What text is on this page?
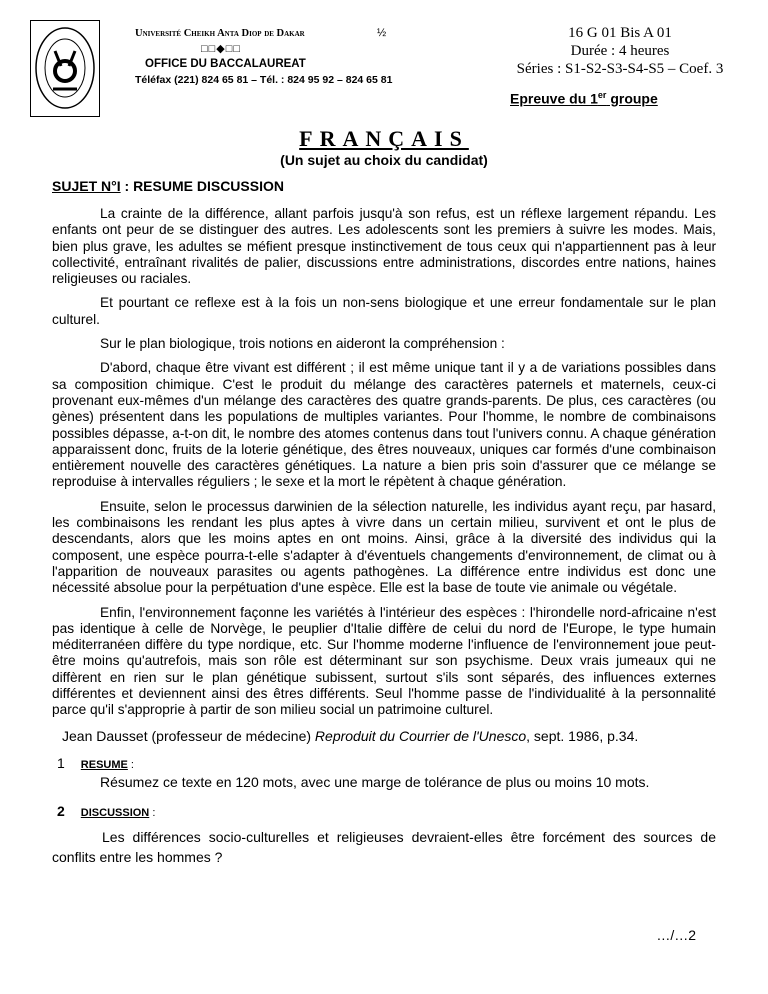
Université Cheikh Anta Diop de Dakar	½
□□◆□□
OFFICE DU BACCALAUREAT
Téléfax (221) 824 65 81 – Tél. : 824 95 92 – 824 65 81
16 G 01 Bis A 01
Durée : 4 heures
Séries : S1-S2-S3-S4-S5 – Coef. 3
Epreuve du 1er groupe
FRANÇAIS
(Un sujet au choix du candidat)
SUJET N°I : RESUME DISCUSSION

La crainte de la différence, allant parfois jusqu'à son refus, est un réflexe largement répandu. Les enfants ont peur de se distinguer des autres. Les adolescents sont les premiers à suivre les modes. Mais, bien plus grave, les adultes se méfient presque instinctivement de tous ceux qui n'appartiennent pas à leur collectivité, entraînant rivalités de palier, discussions entre administrations, discordes entre nations, haines religieuses ou raciales.

Et pourtant ce reflexe est à la fois un non-sens biologique et une erreur fondamentale sur le plan culturel.

Sur le plan biologique, trois notions en aideront la compréhension :

D'abord, chaque être vivant est différent ; il est même unique tant il y a de variations possibles dans sa composition chimique. C'est le produit du mélange des caractères paternels et maternels, ceux-ci provenant eux-mêmes d'un mélange des caractères des quatre grands-parents. De plus, ces caractères (ou gènes) présentent dans les populations de multiples variantes. Pour l'homme, le nombre de combinaisons possibles dépasse, a-t-on dit, le nombre des atomes contenus dans tout l'univers connu. A chaque génération apparaissent donc, fruits de la loterie génétique, des êtres nouveaux, uniques car formés d'une combinaison entièrement nouvelle des caractères génétiques. La nature a bien pris soin d'assurer que ce mélange se reproduise à intervalles réguliers ; le sexe et la mort le répètent à chaque génération.

Ensuite, selon le processus darwinien de la sélection naturelle, les individus ayant reçu, par hasard, les combinaisons les rendant les plus aptes à vivre dans un certain milieu, survivent et ont le plus de descendants, alors que les moins aptes en ont moins. Ainsi, grâce à la diversité des individus qui la composent, une espèce pourra-t-elle s'adapter à d'éventuels changements d'environnement, de climat ou à l'apparition de nouveaux parasites ou agents pathogènes. La différence entre individus est donc une nécessité absolue pour la perpétuation d'une espèce. Elle est la base de toute vie animale ou végétale.

Enfin, l'environnement façonne les variétés à l'intérieur des espèces : l'hirondelle nord-africaine n'est pas identique à celle de Norvège, le peuplier d'Italie diffère de celui du nord de l'Europe, le type humain méditerranéen diffère du type nordique, etc. Sur l'homme moderne l'influence de l'environnement joue peut-être moins qu'autrefois, mais son rôle est déterminant sur son psychisme. Deux vrais jumeaux qui ne diffèrent en rien sur le plan génétique subissent, surtout s'ils sont séparés, des influences externes différentes et deviennent ainsi des êtres différents. Seul l'homme passe de l'individualité à la personnalité parce qu'il s'approprie à partir de son milieu social un patrimoine culturel.

Jean Dausset (professeur de médecine) Reproduit du Courrier de l'Unesco, sept. 1986, p.34.
1 RESUME :
Résumez ce texte en 120 mots, avec une marge de tolérance de plus ou moins 10 mots.
2 DISCUSSION :
Les différences socio-culturelles et religieuses devraient-elles être forcément des sources de conflits entre les hommes ?
…/…2
